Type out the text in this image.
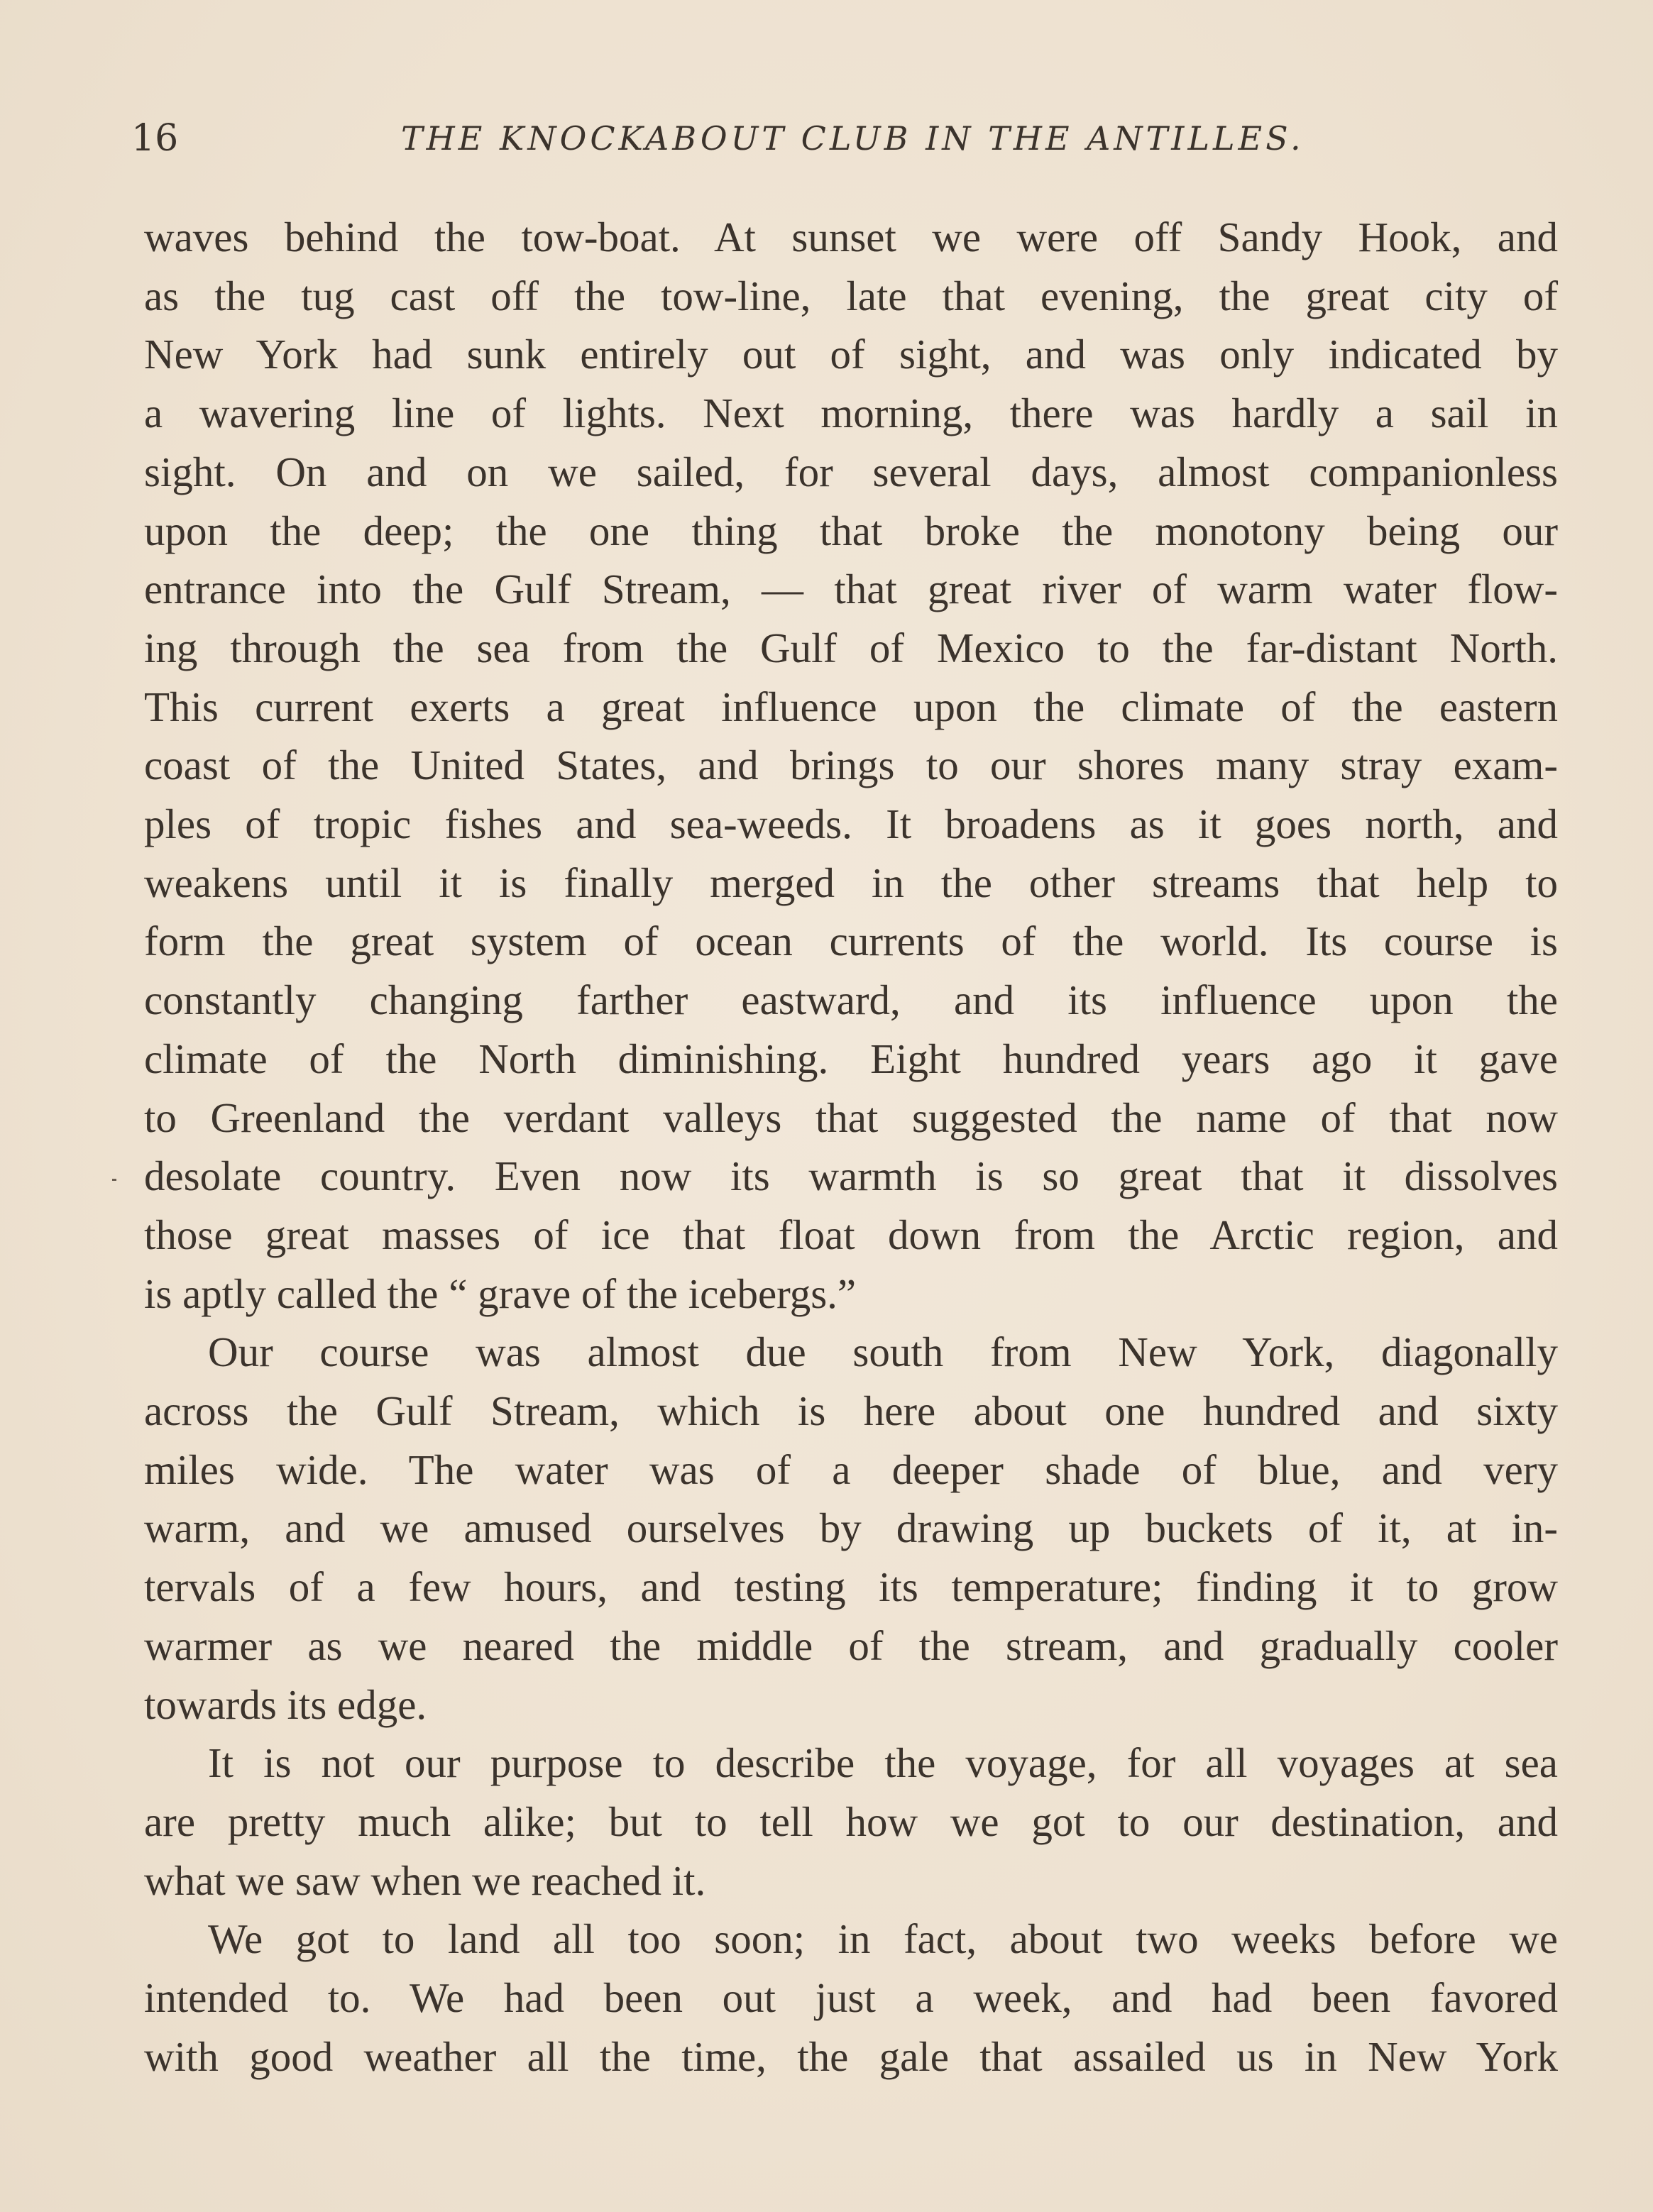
16	THE KNOCKABOUT CLUB IN THE ANTILLES.

waves behind the tow-boat. At sunset we were off Sandy Hook, and

as the tug cast off the tow-line, late that evening, the great city of

New York had sunk entirely out of sight, and was only indicated by

a wavering line of lights. Next morning, there was hardly a sail in

sight. On and on we sailed, for several days, almost companionless

upon the deep; the one thing that broke the monotony being our

entrance into the Gulf Stream, — that great river of warm water flow-

ing through the sea from the Gulf of Mexico to the far-distant North.

This current exerts a great influence upon the climate of the eastern

coast of the United States, and brings to our shores many stray exam-

ples of tropic fishes and sea-weeds. It broadens as it goes north, and

weakens until it is finally merged in the other streams that help to

form the great system of ocean currents of the world. Its course is

constantly changing farther eastward, and its influence upon the

climate of the North diminishing. Eight hundred years ago it gave

to Greenland the verdant valleys that suggested the name of that now

desolate country. Even now its warmth is so great that it dissolves

those great masses of ice that float down from the Arctic region, and

is aptly called the “ grave of the icebergs.”

Our course was almost due south from New York, diagonally

across the Gulf Stream, which is here about one hundred and sixty

miles wide. The water was of a deeper shade of blue, and very

warm, and we amused ourselves by drawing up buckets of it, at in-

tervals of a few hours, and testing its temperature; finding it to grow

warmer as we neared the middle of the stream, and gradually cooler

towards its edge.

It is not our purpose to describe the voyage, for all voyages at sea

are pretty much alike; but to tell how we got to our destination, and

what we saw when we reached it.

We got to land all too soon; in fact, about two weeks before we

intended to. We had been out just a week, and had been favored

with good weather all the time, the gale that assailed us in New York
